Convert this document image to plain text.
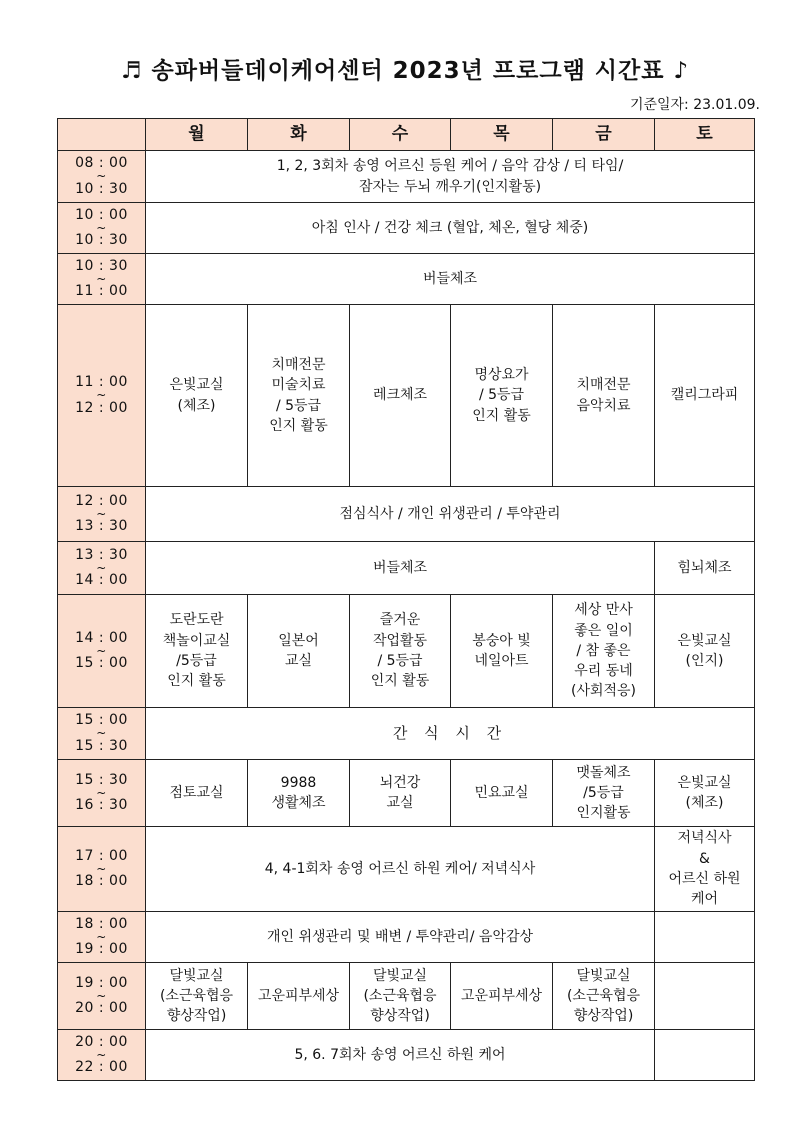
♬ 송파버들데이케어센터 2023년 프로그램 시간표 ♪
기준일자: 23.01.09.
	월	화	수	목	금	토

08 : 00
~
10 : 30	1, 2, 3회차 송영 어르신 등원 케어 / 음악 감상 / 티 타임/
잠자는 두뇌 깨우기(인지활동)					

10 : 00
~
10 : 30	아침 인사 / 건강 체크 (혈압, 체온, 혈당 체중)					

10 : 30
~
11 : 00	버들체조					

11 : 00
~
12 : 00	은빛교실
(체조)	치매전문
미술치료
/ 5등급
인지 활동	레크체조	명상요가
/ 5등급
인지 활동	치매전문
음악치료	캘리그라피

12 : 00
~
13 : 30	점심식사 / 개인 위생관리 / 투약관리					

13 : 30
~
14 : 00	버들체조					힘뇌체조

14 : 00
~
15 : 00	도란도란
책놀이교실
/5등급
인지 활동	일본어
교실	즐거운
작업활동
/ 5등급
인지 활동	봉숭아 빛
네일아트	세상 만사
좋은 일이
/ 참 좋은
우리 동네
(사회적응)	은빛교실
(인지)

15 : 00
~
15 : 30	간 식 시 간					

15 : 30
~
16 : 30	점토교실	9988
생활체조	뇌건강
교실	민요교실	맷돌체조
/5등급
인지활동	은빛교실
(체조)

17 : 00
~
18 : 00	4, 4-1회차 송영 어르신 하원 케어/ 저녁식사					저녁식사
&
어르신 하원
케어

18 : 00
~
19 : 00	개인 위생관리 및 배변 / 투약관리/ 음악감상					

19 : 00
~
20 : 00	달빛교실
(소근육협응
향상작업)	고운피부세상	달빛교실
(소근육협응
향상작업)	고운피부세상	달빛교실
(소근육협응
향상작업)	

20 : 00
~
22 : 00	5, 6. 7회차 송영 어르신 하원 케어					
